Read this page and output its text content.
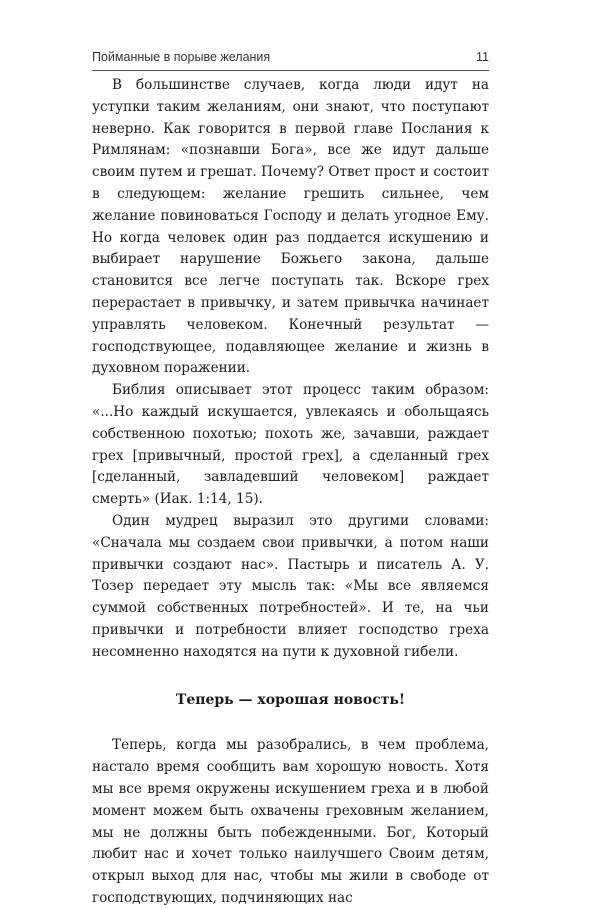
Пойманные в порыве желания	11

В большинстве случаев, когда люди идут на уступки таким желаниям, они знают, что поступают неверно. Как говорится в первой главе Послания к Римлянам: «познавши Бога», все же идут дальше своим путем и грешат. Почему? Ответ прост и состоит в следующем: желание грешить сильнее, чем желание повиноваться Господу и делать угодное Ему. Но когда человек один раз поддается искушению и выбирает нарушение Божьего закона, дальше становится все легче поступать так. Вскоре грех перерастает в привычку, и затем привычка начинает управлять человеком. Конечный результат — господствующее, подавляющее желание и жизнь в духовном поражении.

Библия описывает этот процесс таким образом: «...Но каждый искушается, увлекаясь и обольщаясь собственною похотью; похоть же, зачавши, раждает грех [привычный, простой грех], а сделанный грех [сделанный, завладевший человеком] раждает смерть» (Иак. 1:14, 15).

Один мудрец выразил это другими словами: «Сначала мы создаем свои привычки, а потом наши привычки создают нас». Пастырь и писатель А. У. Тозер передает эту мысль так: «Мы все являемся суммой собственных потребностей». И те, на чьи привычки и потребности влияет господство греха несомненно находятся на пути к духовной гибели.

Теперь — хорошая новость!

Теперь, когда мы разобрались, в чем проблема, настало время сообщить вам хорошую новость. Хотя мы все время окружены искушением греха и в любой момент можем быть охвачены греховным желанием, мы не должны быть побежденными. Бог, Который любит нас и хочет только наилучшего Своим детям, открыл выход для нас, чтобы мы жили в свободе от господствующих, подчиняющих нас
